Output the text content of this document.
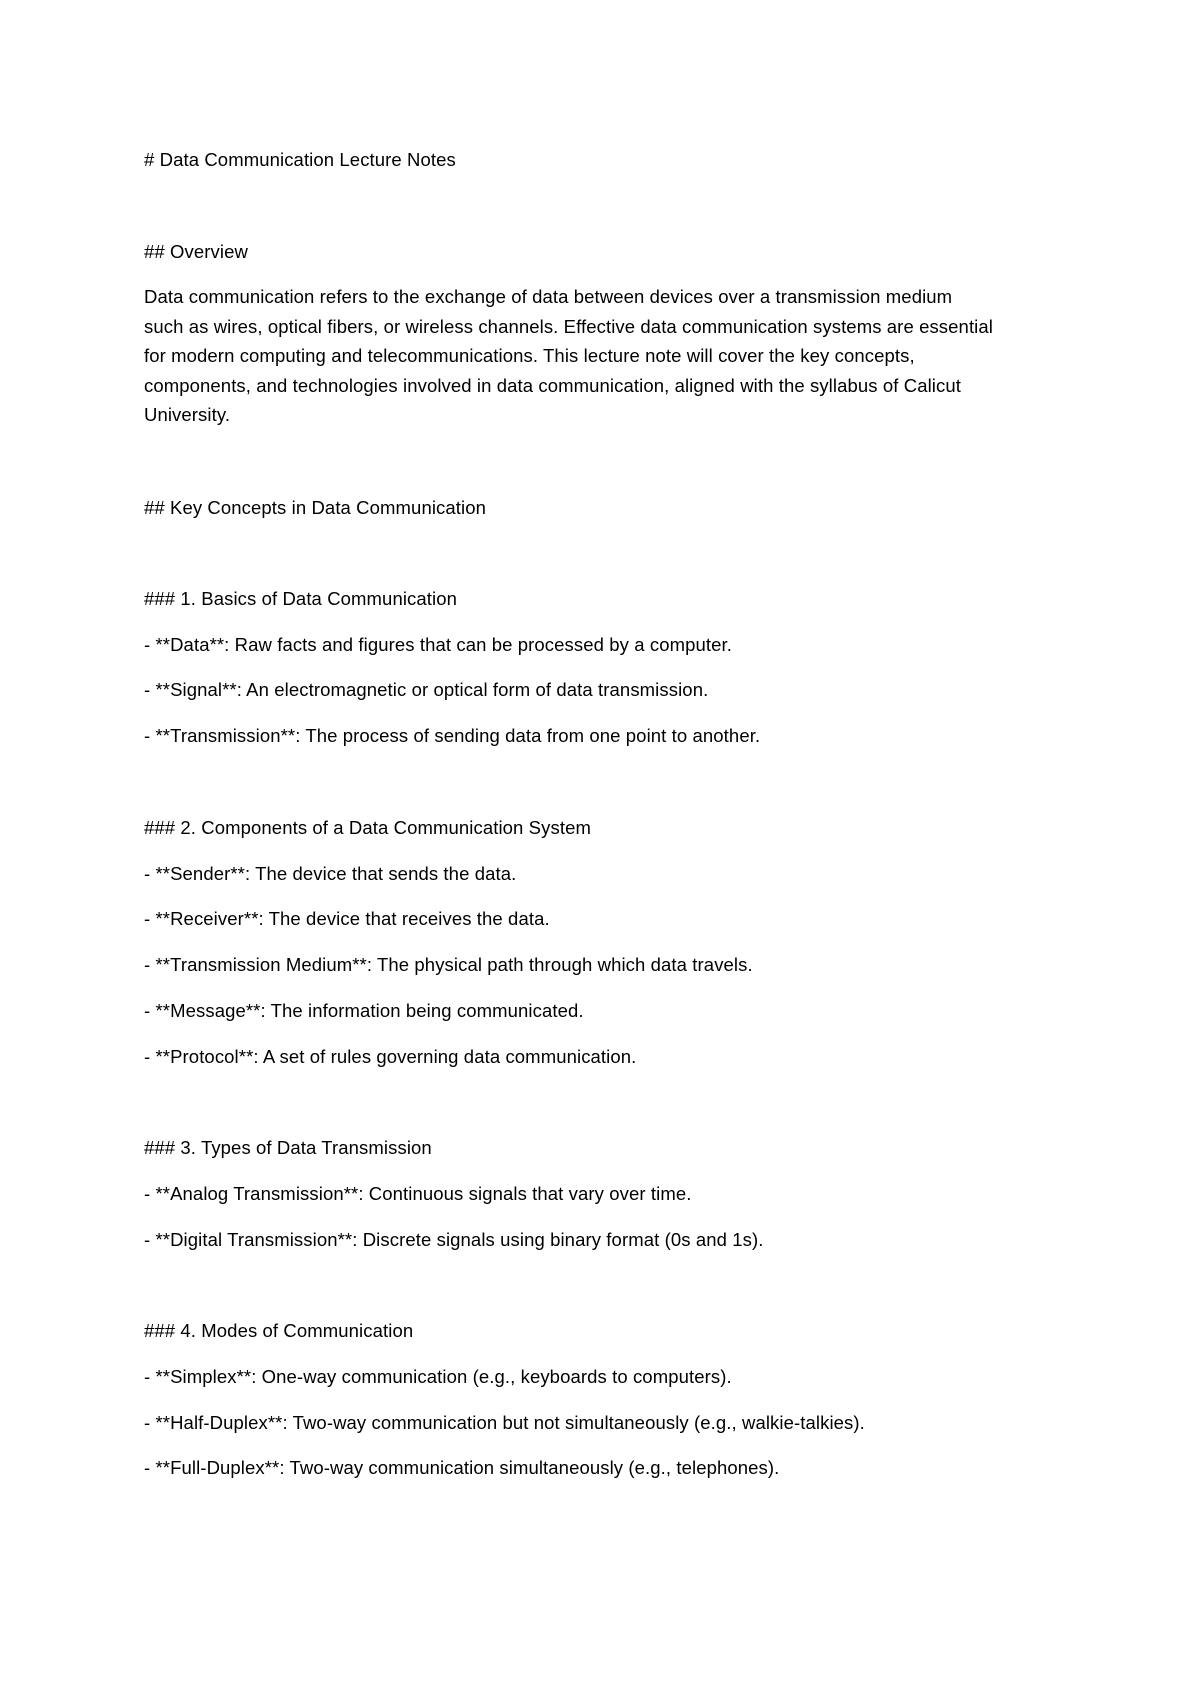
# Data Communication Lecture Notes
## Overview
Data communication refers to the exchange of data between devices over a transmission medium
such as wires, optical fibers, or wireless channels. Effective data communication systems are essential
for modern computing and telecommunications. This lecture note will cover the key concepts,
components, and technologies involved in data communication, aligned with the syllabus of Calicut
University.
## Key Concepts in Data Communication
### 1. Basics of Data Communication
- **Data**: Raw facts and figures that can be processed by a computer.
- **Signal**: An electromagnetic or optical form of data transmission.
- **Transmission**: The process of sending data from one point to another.
### 2. Components of a Data Communication System
- **Sender**: The device that sends the data.
- **Receiver**: The device that receives the data.
- **Transmission Medium**: The physical path through which data travels.
- **Message**: The information being communicated.
- **Protocol**: A set of rules governing data communication.
### 3. Types of Data Transmission
- **Analog Transmission**: Continuous signals that vary over time.
- **Digital Transmission**: Discrete signals using binary format (0s and 1s).
### 4. Modes of Communication
- **Simplex**: One-way communication (e.g., keyboards to computers).
- **Half-Duplex**: Two-way communication but not simultaneously (e.g., walkie-talkies).
- **Full-Duplex**: Two-way communication simultaneously (e.g., telephones).
